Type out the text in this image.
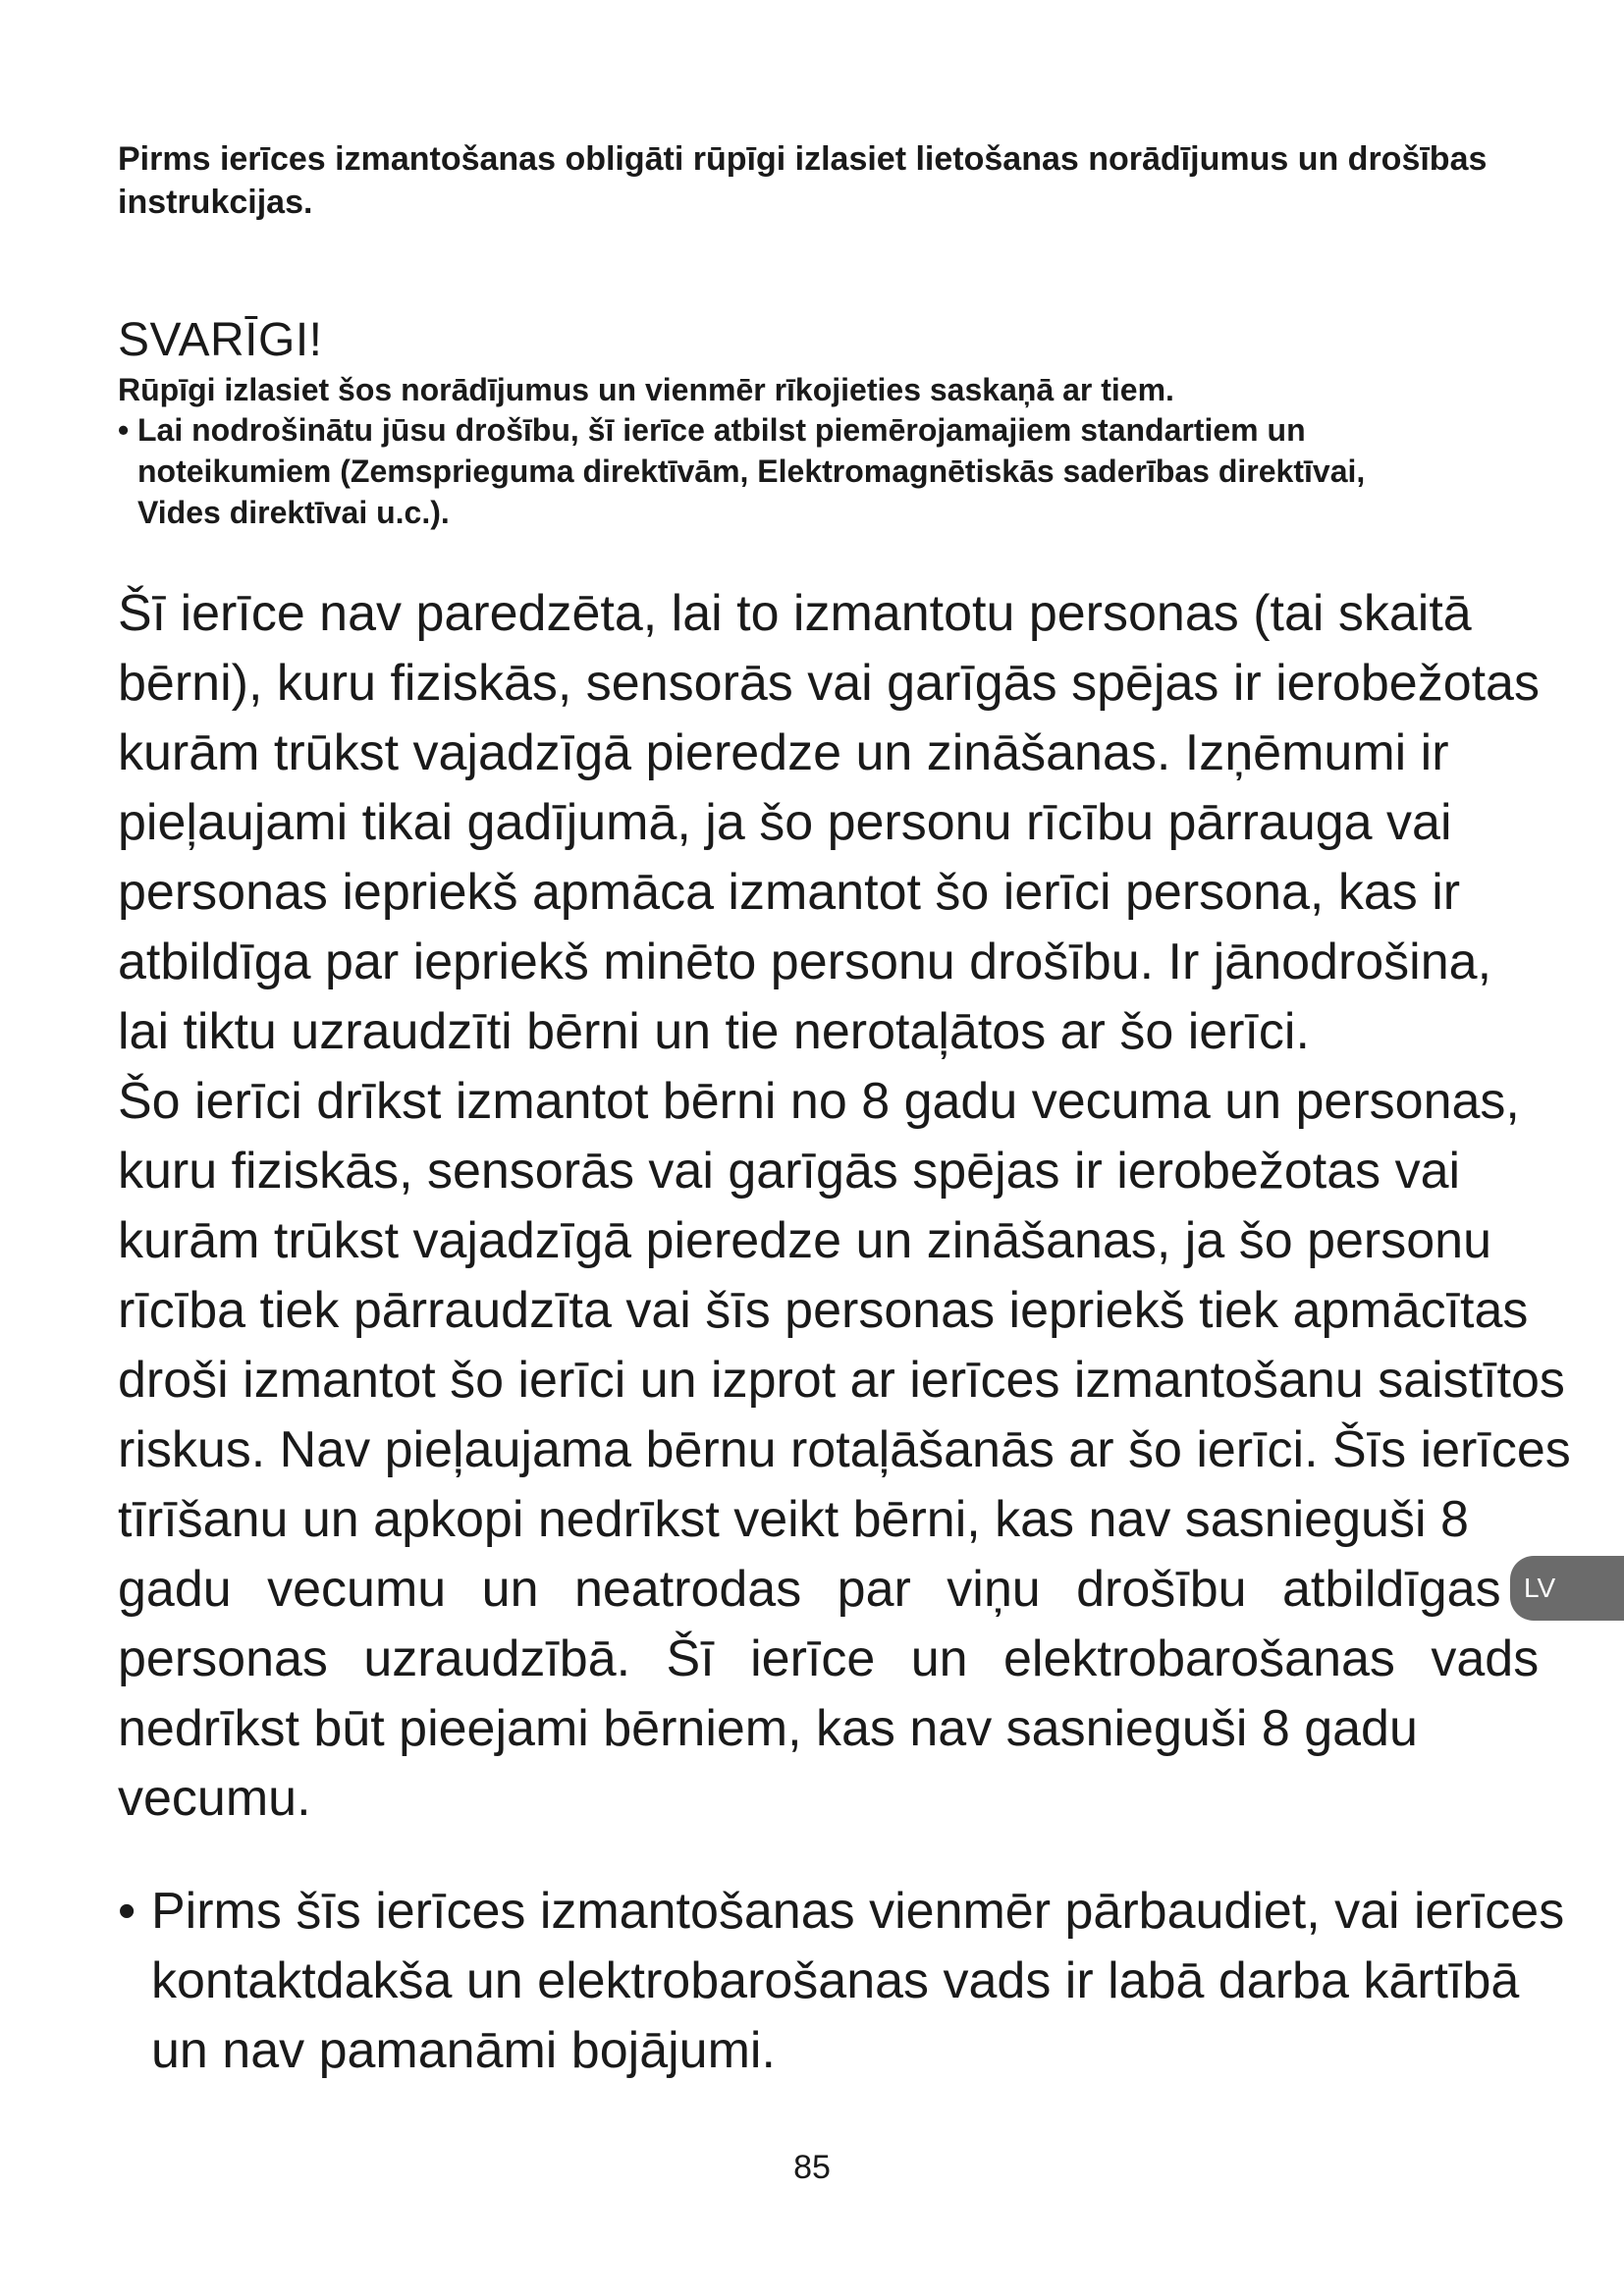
Pirms ierīces izmantošanas obligāti rūpīgi izlasiet lietošanas norādījumus un drošības instrukcijas.

SVARĪGI!

Rūpīgi izlasiet šos norādījumus un vienmēr rīkojieties saskaņā ar tiem.

• Lai nodrošinātu jūsu drošību, šī ierīce atbilst piemērojamajiem standartiem un
noteikumiem (Zemsprieguma direktīvām, Elektromagnētiskās saderības direktīvai,
Vides direktīvai u.c.).
Šī ierīce nav paredzēta, lai to izmantotu personas (tai skaitā
bērni), kuru fiziskās, sensorās vai garīgās spējas ir ierobežotas
kurām trūkst vajadzīgā pieredze un zināšanas. Izņēmumi ir
pieļaujami tikai gadījumā, ja šo personu rīcību pārrauga vai
personas iepriekš apmāca izmantot šo ierīci persona, kas ir
atbildīga par iepriekš minēto personu drošību. Ir jānodrošina,
lai tiktu uzraudzīti bērni un tie nerotaļātos ar šo ierīci.
Šo ierīci drīkst izmantot bērni no 8 gadu vecuma un personas,
kuru fiziskās, sensorās vai garīgās spējas ir ierobežotas vai
kurām trūkst vajadzīgā pieredze un zināšanas, ja šo personu
rīcība tiek pārraudzīta vai šīs personas iepriekš tiek apmācītas
droši izmantot šo ierīci un izprot ar ierīces izmantošanu saistītos
riskus. Nav pieļaujama bērnu rotaļāšanās ar šo ierīci. Šīs ierīces
tīrīšanu un apkopi nedrīkst veikt bērni, kas nav sasnieguši 8
gadu vecumu un neatrodas par viņu drošību atbildīgas
personas uzraudzībā. Šī ierīce un elektrobarošanas vads
nedrīkst būt pieejami bērniem, kas nav sasnieguši 8 gadu
vecumu.
• Pirms šīs ierīces izmantošanas vienmēr pārbaudiet, vai ierīces
kontaktdakša un elektrobarošanas vads ir labā darba kārtībā
un nav pamanāmi bojājumi.
LV
85
